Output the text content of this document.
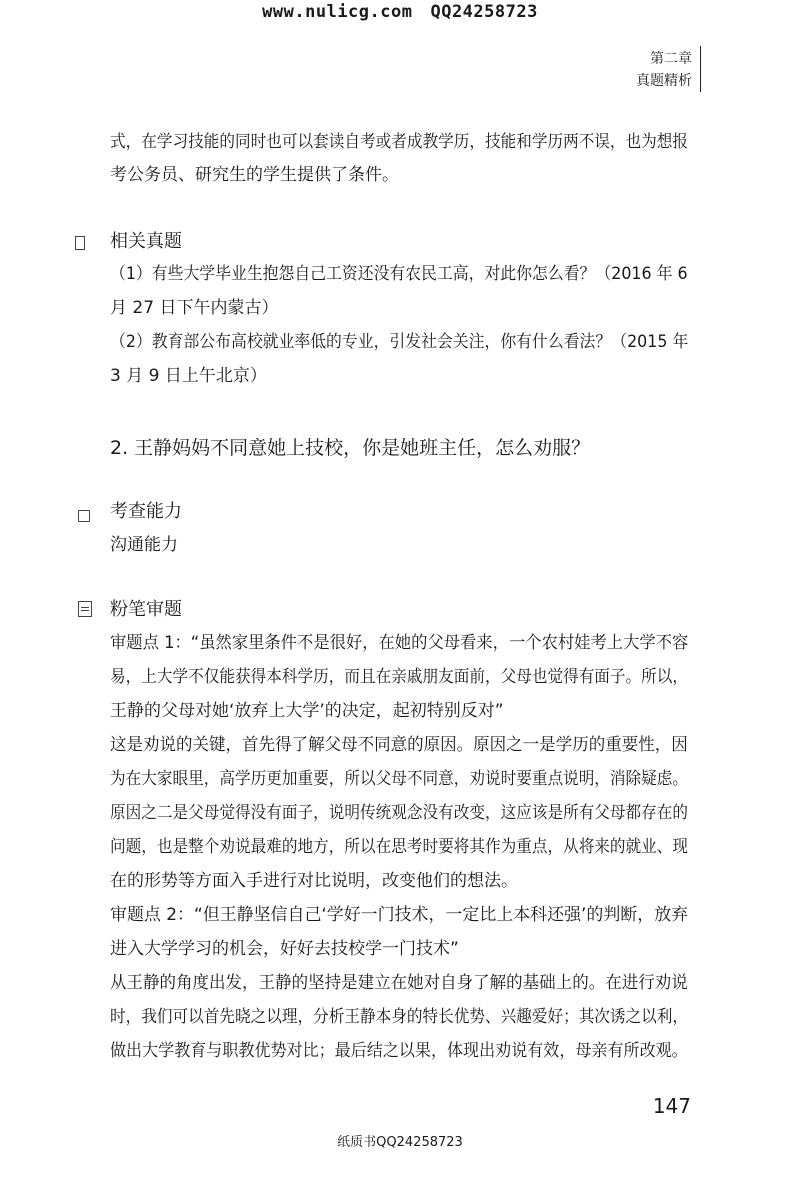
www.nulicg.com QQ24258723
第二章
真题精析
式，在学习技能的同时也可以套读自考或者成教学历，技能和学历两不误，也为想报
考公务员、研究生的学生提供了条件。
相关真题
（1）有些大学毕业生抱怨自己工资还没有农民工高，对此你怎么看？（2016 年 6
月 27 日下午内蒙古）
（2）教育部公布高校就业率低的专业，引发社会关注，你有什么看法？（2015 年
3 月 9 日上午北京）
2. 王静妈妈不同意她上技校，你是她班主任，怎么劝服？
考查能力
沟通能力
粉笔审题
审题点 1：“虽然家里条件不是很好，在她的父母看来，一个农村娃考上大学不容
易，上大学不仅能获得本科学历，而且在亲戚朋友面前，父母也觉得有面子。所以，
王静的父母对她‘放弃上大学’的决定，起初特别反对”
这是劝说的关键，首先得了解父母不同意的原因。原因之一是学历的重要性，因
为在大家眼里，高学历更加重要，所以父母不同意，劝说时要重点说明，消除疑虑。
原因之二是父母觉得没有面子，说明传统观念没有改变，这应该是所有父母都存在的
问题，也是整个劝说最难的地方，所以在思考时要将其作为重点，从将来的就业、现
在的形势等方面入手进行对比说明，改变他们的想法。
审题点 2：“但王静坚信自己‘学好一门技术，一定比上本科还强’的判断，放弃
进入大学学习的机会，好好去技校学一门技术”
从王静的角度出发，王静的坚持是建立在她对自身了解的基础上的。在进行劝说
时，我们可以首先晓之以理，分析王静本身的特长优势、兴趣爱好；其次诱之以利，
做出大学教育与职教优势对比；最后结之以果，体现出劝说有效，母亲有所改观。
147
纸质书QQ24258723
